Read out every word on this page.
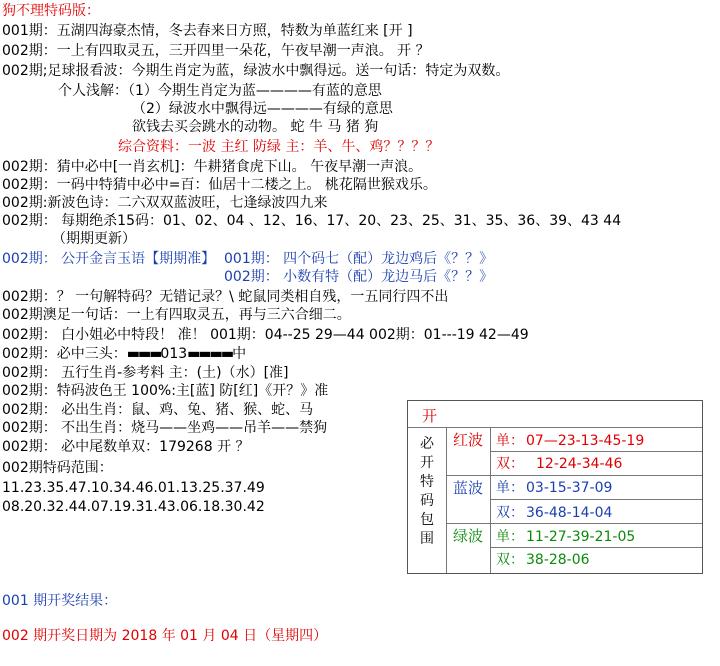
狗不理特码版：
001期：五湖四海豪杰情，冬去春来日方照，特数为单蓝红来 [开 ]
002期：一上有四取灵五，三开四里一朵花，午夜早潮一声浪。 开 ？
002期;足球报看波：今期生肖定为蓝，绿波水中飘得远。送一句话：特定为双数。
个人浅解：（1）今期生肖定为蓝————有蓝的意思
（2）绿波水中飘得远————有绿的意思
欲钱去买会跳水的动物。 蛇 牛 马 猪 狗
综合资料：一波 主红 防绿 主：羊、牛、鸡？？？？
002期：猜中必中[一肖玄机]：牛耕猪食虎下山。 午夜早潮一声浪。
002期：一码中特猜中必中=百：仙居十二楼之上。 桃花隔世猴戏乐。
002期:新波色诗：二六双双蓝波旺，七逢绿波四九来
002期： 每期绝杀15码：01、02、04 、12、16、17、20、23、25、31、35、36、39、43 44
（期期更新）
002期： 公开金言玉语【期期准】 001期： 四个码七（配）龙边鸡后《？？》
002期： 小数有特（配）龙边马后《？？》
002期：？ 一句解特码？无错记录？\ 蛇鼠同类相自残，一五同行四不出
002期澳足一句话：一上有四取灵五，再与三六合细二。
002期： 白小姐必中特段！ 准！ 001期：04--25 29—44 002期：01---19 42—49
002期：必中三头：▬▬▬013▬▬▬▬中
002期： 五行生肖-参考料 主：(土)（水）[准]
002期：特码波色王 100%:主[蓝] 防[红]《开？》准
002期： 必出生肖：鼠、鸡、兔、猪、猴、蛇、马
002期： 不出生肖：烧马——坐鸡——吊羊——禁狗
002期： 必中尾数单双：179268 开 ？
002期特码范围：
11.23.35.47.10.34.46.01.13.25.37.49
08.20.32.44.07.19.31.43.06.18.30.42
001 期开奖结果：
002 期开奖日期为 2018 年 01 月 04 日（星期四）
开
必开特码包围
红波 单： 07—23-13-45-19
双： 12-24-34-46
蓝波 单： 03-15-37-09
双： 36-48-14-04
绿波 单： 11-27-39-21-05
双： 38-28-06
